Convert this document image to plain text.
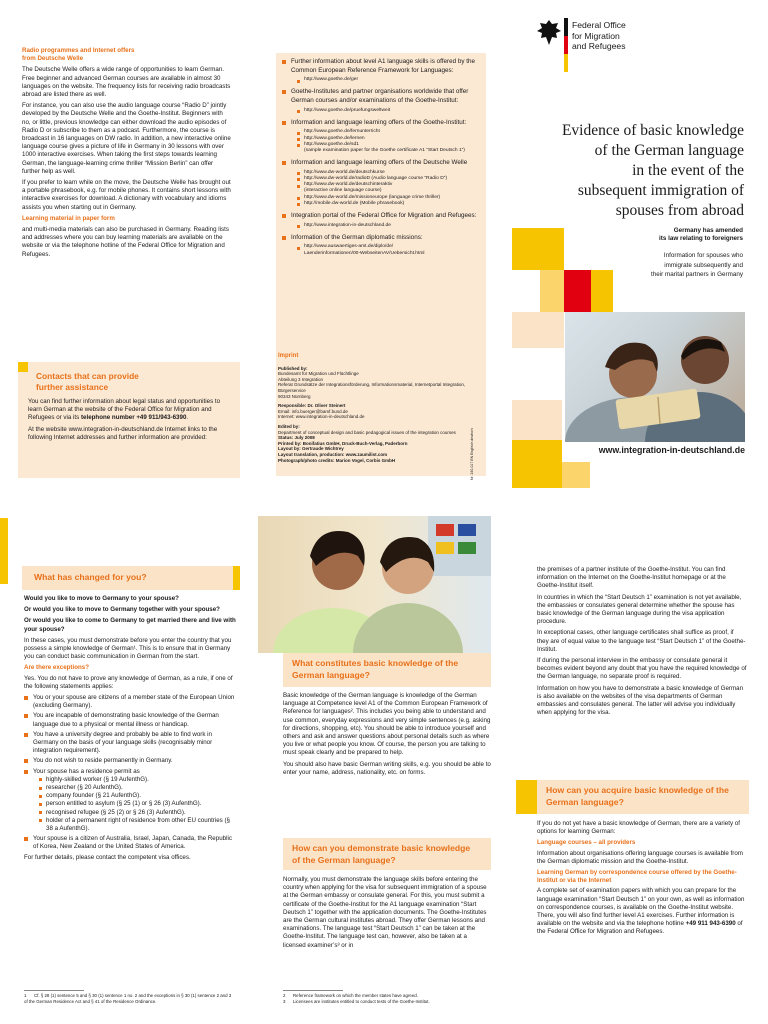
Radio programmes and Internet offers
from Deutsche Welle

The Deutsche Welle offers a wide range of opportunities to learn German. Free beginner and advanced German courses are available in almost 30 languages on the website. The frequency lists for receiving radio broadcasts abroad are listed there as well.

For instance, you can also use the audio language course “Radio D” jointly developed by the Deutsche Welle and the Goethe-Institut. Beginners with no, or little, previous knowledge can either download the audio episodes of Radio D or subscribe to them as a podcast. Furthermore, the course is broadcast in 16 languages on DW radio. In addition, a new interactive online language course gives a picture of life in Germany in 30 lessons with over 1000 interactive exercises. When taking the first steps towards learning German, the language-learning crime thriller “Mission Berlin” can offer further help as well.

If you prefer to learn while on the move, the Deutsche Welle has brought out a portable phrasebook, e.g. for mobile phones. It contains short lessons with interactive exercises for download. A dictionary with vocabulary and idioms assists you when starting out in Germany.

Learning material in paper form

and multi-media materials can also be purchased in Germany. Reading lists and addresses where you can buy learning materials are available on the website or via the telephone hotline of the Federal Office for Migration and Refugees.

Contacts that can provide further assistance

You can find further information about legal status and opportunities to learn German at the website of the Federal Office for Migration and Refugees or via its telephone number +49 911/943-6390.

At the website www.integration-in-deutschland.de Internet links to the following Internet addresses and further information are provided:

Further information about level A1 language skills is offered by the Common European Reference Framework for Languages:
http://www.goethe.de/ger
Goethe-Institutes and partner organisations worldwide that offer German courses and/or examinations of the Goethe-Institut:
http://www.goethe.de/pruefungsweltweit
Information and language learning offers of the Goethe-Institut:
http://www.goethe.de/fernunterricht
http://www.goethe.de/lernen
http://www.goethe.de/sd1
(sample examination paper for the Goethe certificate A1 “Start Deutsch 1”)
Information and language learning offers of the Deutsche Welle
http://www.dw-world.de/deutschkurse
http://www.dw-world.de/radioD (Audio language course “Radio D”)
http://www.dw-world.de/deutschinteraktiv
(interactive online language course)
http://www.dw-world.de/missioneurope (language crime thriller)
http://mobile.dw-world.de (Mobile phrasebook)
Integration portal of the Federal Office for Migration and Refugees:
http://www.integration-in-deutschland.de
Information of the German diplomatic missions:
http://www.auswaertiges-amt.de/diplo/de/
Laenderinformationen/00-WebseitenAV/Uebersicht.html
Imprint
Published by:
Bundesamt für Migration und Flüchtlinge
Abteilung 3 Integration
Referat Grundsätze der Integrationsförderung, Informationsmaterial, Internetportal Integration, Bürgerservice
90343 Nürnberg
Responsible: Dr. Oliver Steinert
Email: info.buerger@bamf.bund.de
Internet: www.integration-in-deutschland.de
Edited by:
Department of conceptual design and basic pedagogical issues of the integration courses
Status: July 2008
Printed by: Bonifatius GmbH, Druck-Buch-Verlag, Paderborn
Layout by: Gertraude Wichtrey
Layout translation, production: www.zaumilist.com
Photograph/photo credits: Marion Vogel, Corbis GmbH	Nr. 240-017 EN Englisch deutsch
Federal Office
for Migration
and Refugees
Evidence of basic knowledge
of the German language
in the event of the
subsequent immigration of
spouses from abroad
Germany has amended
its law relating to foreigners
Information for spouses who
immigrate subsequently and
their marital partners in Germany
www.integration-in-deutschland.de
What has changed for you?

Would you like to move to Germany to your spouse?

Or would you like to move to Germany together with your spouse?

Or would you like to come to Germany to get married there and live with your spouse?

In these cases, you must demonstrate before you enter the country that you possess a simple knowledge of German¹. This is to ensure that in Germany you can conduct basic communication in German from the start.

Are there exceptions?

Yes. You do not have to prove any knowledge of German, as a rule, if one of the following statements applies:

You or your spouse are citizens of a member state of the European Union (excluding Germany).
You are incapable of demonstrating basic knowledge of the German language due to a physical or mental illness or handicap.
You have a university degree and probably be able to find work in Germany on the basis of your language skills (recognisably minor integration requirement).
You do not wish to reside permanently in Germany.
Your spouse has a residence permit as
highly-skilled worker (§ 19 AufenthG).
researcher (§ 20 AufenthG).
company founder (§ 21 AufenthG).
person entitled to asylum (§ 25 (1) or § 26 (3) AufenthG).
recognised refugee (§ 25 (2) or § 26 (3) AufenthG).
holder of a permanent right of residence from other EU countries (§ 38 a AufenthG).
Your spouse is a citizen of Australia, Israel, Japan, Canada, the Republic of Korea, New Zealand or the United States of America.

For further details, please contact the competent visa offices.

1 Cf. § 28 (1) sentence 5 and § 30 (1) sentence 1 no. 2 and the exceptions in § 30 (1) sentence 2 and 3 of the German Residence Act and § 41 of the Residence Ordinance.
What constitutes basic knowledge of the German language?

Basic knowledge of the German language is knowledge of the German language at Competence level A1 of the Common European Framework of Reference for languages². This includes you being able to understand and use common, everyday expressions and very simple sentences (e.g. asking for directions, shopping, etc). You should be able to introduce yourself and others and ask and answer questions about personal details such as where you live or what people you know. Of course, the person you are talking to must speak clearly and be prepared to help.

You should also have basic German writing skills, e.g. you should be able to enter your name, address, nationality, etc. on forms.

How can you demonstrate basic knowledge of the German language?

Normally, you must demonstrate the language skills before entering the country when applying for the visa for subsequent immigration of a spouse at the German embassy or consulate general. For this, you must submit a certificate of the Goethe-Institut for the A1 language examination “Start Deutsch 1” together with the application documents. The Goethe-Institutes are the German cultural institutes abroad. They offer German lessons and examinations. The language test “Start Deutsch 1” can be taken at the Goethe-Institut. The language test can, however, also be taken at a licensed examiner’s³ or in

2 Reference framework on which the member states have agreed.
3 Licensees are institutes entitled to conduct tests of the Goethe-Institut.

the premises of a partner institute of the Goethe-Institut. You can find information on the Internet on the Goethe-Institut homepage or at the Goethe-Institut itself.

In countries in which the “Start Deutsch 1” examination is not yet available, the embassies or consulates general determine whether the spouse has basic knowledge of the German language during the visa application procedure.

In exceptional cases, other language certificates shall suffice as proof, if they are of equal value to the language test “Start Deutsch 1” of the Goethe-Institut.

If during the personal interview in the embassy or consulate general it becomes evident beyond any doubt that you have the required knowledge of the German language, no separate proof is required.

Information on how you have to demonstrate a basic knowledge of German is also available on the websites of the visa departments of German embassies and consulates general. The latter will advise you individually when applying for the visa.

How can you acquire basic knowledge of the German language?

If you do not yet have a basic knowledge of German, there are a variety of options for learning German:

Language courses – all providers

Information about organisations offering language courses is available from the German diplomatic mission and the Goethe-Institut.

Learning German by correspondence course offered by the Goethe-Institut or via the Internet

A complete set of examination papers with which you can prepare for the language examination “Start Deutsch 1” on your own, as well as information on correspondence courses, is available on the Goethe-Institut website. There, you will also find further level A1 exercises. Further information is available on the website and via the telephone hotline +49 911 943-6390 of the Federal Office for Migration and Refugees.
